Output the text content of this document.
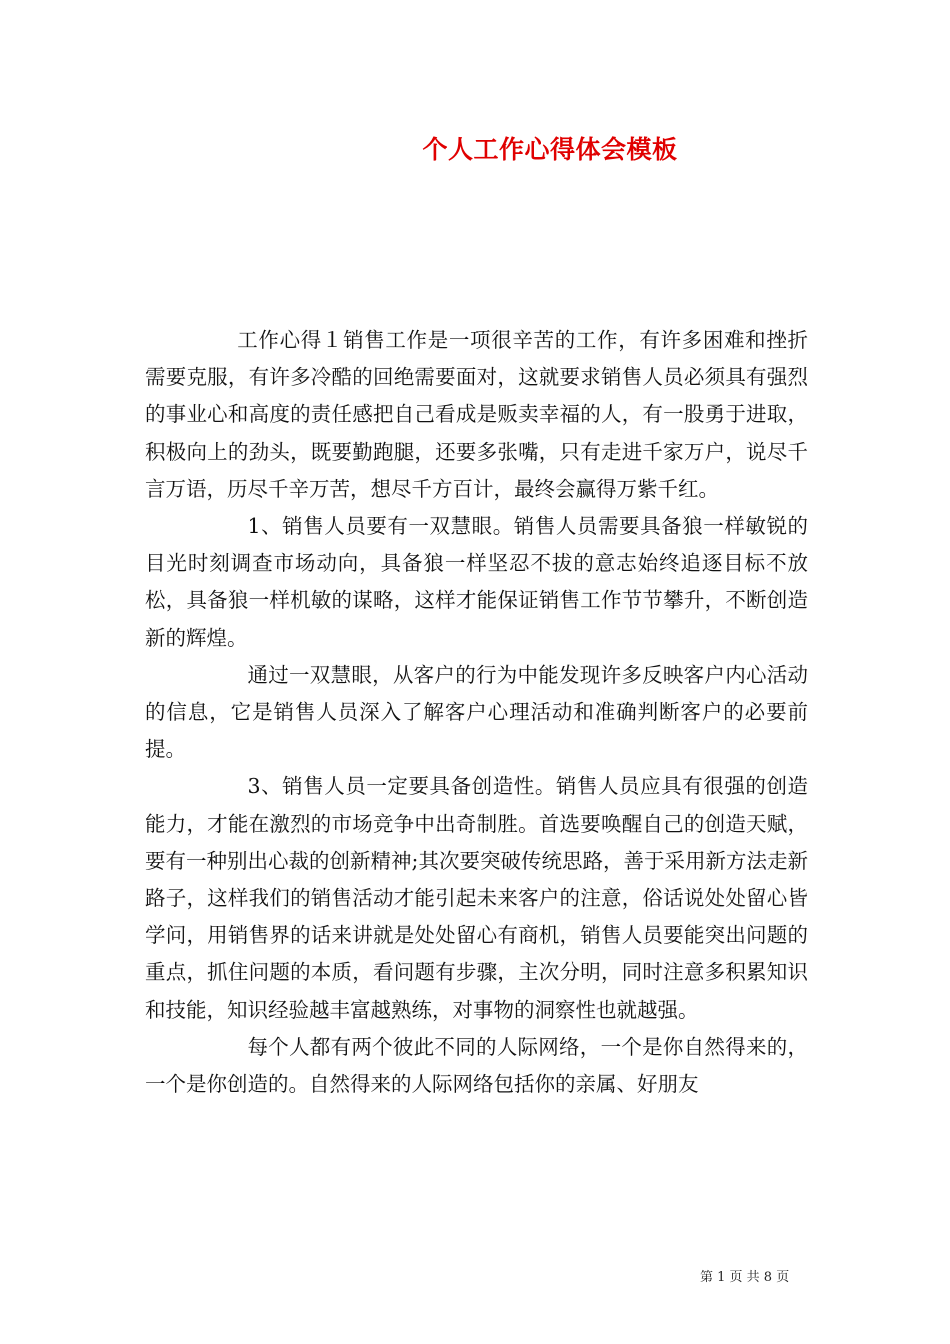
个人工作心得体会模板

工作心得１销售工作是一项很辛苦的工作，有许多困难和挫折需要克服，有许多冷酷的回绝需要面对，这就要求销售人员必须具有强烈的事业心和高度的责任感把自己看成是贩卖幸福的人，有一股勇于进取，积极向上的劲头，既要勤跑腿，还要多张嘴，只有走进千家万户，说尽千言万语，历尽千辛万苦，想尽千方百计，最终会赢得万紫千红。

1、销售人员要有一双慧眼。销售人员需要具备狼一样敏锐的目光时刻调查市场动向，具备狼一样坚忍不拔的意志始终追逐目标不放松，具备狼一样机敏的谋略，这样才能保证销售工作节节攀升，不断创造新的辉煌。

通过一双慧眼，从客户的行为中能发现许多反映客户内心活动的信息，它是销售人员深入了解客户心理活动和准确判断客户的必要前提。

3、销售人员一定要具备创造性。销售人员应具有很强的创造能力，才能在激烈的市场竞争中出奇制胜。首选要唤醒自己的创造天赋，要有一种别出心裁的创新精神;其次要突破传统思路，善于采用新方法走新路子，这样我们的销售活动才能引起未来客户的注意，俗话说处处留心皆学问，用销售界的话来讲就是处处留心有商机，销售人员要能突出问题的重点，抓住问题的本质，看问题有步骤，主次分明，同时注意多积累知识和技能，知识经验越丰富越熟练，对事物的洞察性也就越强。

每个人都有两个彼此不同的人际网络，一个是你自然得来的，一个是你创造的。自然得来的人际网络包括你的亲属、好朋友

第 1 页 共 8 页
